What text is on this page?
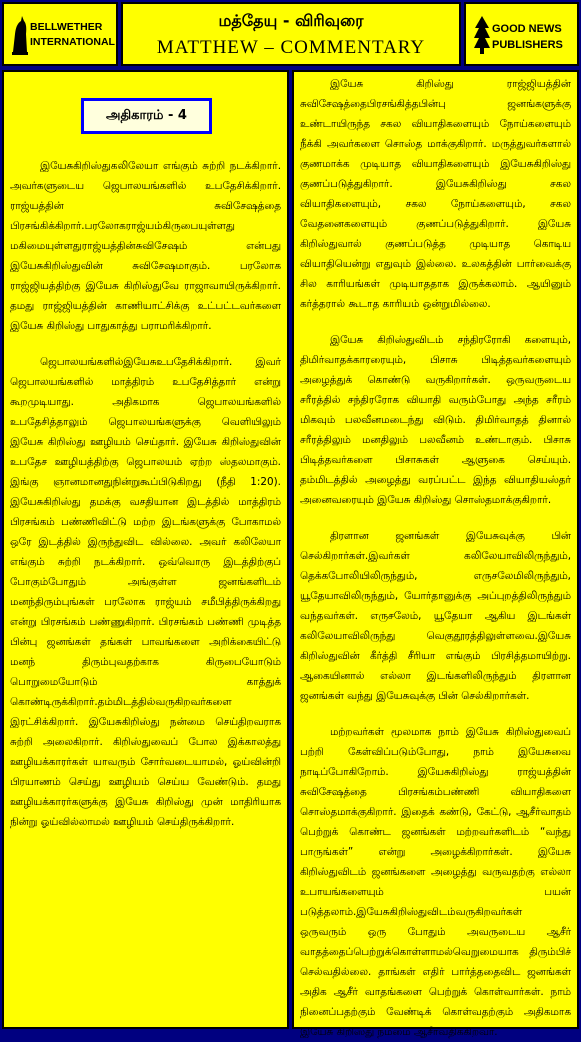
BELLWETHER
INTERNATIONAL
மத்தேயு - விரிவுரை
MATTHEW – COMMENTARY
GOOD NEWS
PUBLISHERS
அதிகாரம் - 4

இயேசுகிறிஸ்துகலிலேயா எங்கும் சுற்றி நடக்கிறார். அவர்களுடைய ஜெபாலயங்களில் உபதேசிக்கிறார். ராஜ்யத்தின் சுவிசேஷத்தை பிரசங்கிக்கிறார்.பரலோகராஜ்யம்கிருபையுள்ளது மகிமையுள்ளதுராஜ்யத்தின்சுவிசேஷம் என்பது இயேசுகிறிஸ்துவின் சுவிசேஷமாகும். பரலோக ராஜ்ஜியத்திற்கு இயேசு கிறிஸ்துவே ராஜாவாயிருக்கிறார். தமது ராஜ்ஜியத்தின் காணியாட்சிக்கு உட்பட்டவர்களை இயேசு கிறிஸ்து பாதுகாத்து பராமரிக்கிறார்.

ஜெபாலயங்களில்இயேசுஉபதேசிக்கிறார். இவர் ஜெபாலயங்களில் மாத்திரம் உபதேசித்தார் என்று கூறமுடியாது. அதிகமாக ஜெபாலயங்களில் உபதேசித்தாலும் ஜெபாலயங்களுக்கு வெளியிலும் இயேசு கிறிஸ்து ஊழியம் செய்தார். இயேசு கிறிஸ்துவின் உபதேச ஊழியத்திற்கு ஜெபாலயம் ஏற்ற ஸ்தலமாகும். இங்கு ஞானமானதுநின்றுகூப்பிடுகிறது (நீதி 1:20). இயேசுகிறிஸ்து தமக்கு வசதியான இடத்தில் மாத்திரம் பிரசங்கம் பண்ணிவிட்டு மற்ற இடங்களுக்கு போகாமல் ஒரே இடத்தில் இருந்துவிட வில்லை. அவர் கலிலேயா எங்கும் சுற்றி நடக்கிறார். ஒவ்வொரு இடத்திற்குப் போகும்போதும் அங்குள்ள ஜனங்களிடம் மனந்திரும்புங்கள் பரலோக ராஜ்யம் சமீபித்திருக்கிறது என்று பிரசங்கம் பண்ணுகிறார். பிரசங்கம் பண்ணி முடித்த பின்பு ஜனங்கள் தங்கள் பாவங்களை அறிக்கையிட்டு மனந் திரும்புவதற்காக கிருபையோடும் பொறுமையோடும் காத்துக் கொண்டிருக்கிறார்.தம்மிடத்தில்வருகிறவர்களை இரட்சிக்கிறார். இயேசுகிறிஸ்து நன்மை செய்திறவராக சுற்றி அலைகிறார். கிறிஸ்துவைப் போல இக்காலத்து ஊழியக்காரர்கள் யாவரும் சோர்வடையாமல், ஓய்வின்றி பிரயாணம் செய்து ஊழியம் செய்ய வேண்டும். தமது ஊழியக்காரர்களுக்கு இயேசு கிறிஸ்து முன் மாதிரியாக நின்று ஓய்வில்லாமல் ஊழியம் செய்திருக்கிறார்.

இயேசு கிறிஸ்து ராஜ்ஜியத்தின் சுவிசேஷத்தைபிரசங்கித்தபின்பு ஜனங்களுக்கு உண்டாயிருந்த சகல வியாதிகளையும் நோய்களையும் நீக்கி அவர்களை சொஸ்த மாக்குகிறார். மருத்துவர்களால் குணமாக்க முடியாத வியாதிகளையும் இயேசுகிறிஸ்து குணப்படுத்துகிறார். இயேசுகிறிஸ்து சகல வியாதிகளையும், சகல நோய்களையும், சகல வேதனைகளையும் குணப்படுத்துகிறார். இயேசு கிறிஸ்துவால் குணப்படுத்த முடியாத கொடிய வியாதியென்று எதுவும் இல்லை. உலகத்தின் பார்வைக்கு சில காரியங்கள் முடியாததாக இருக்கலாம். ஆயினும் கர்த்தரால் கூடாத காரியம் ஒன்றுமில்லை.

இயேசு கிறிஸ்துவிடம் சந்திரரோகி களையும், திமிர்வாதக்காரரையும், பிசாசு பிடித்தவர்களையும் அழைத்துக் கொண்டு வருகிறார்கள். ஒருவருடைய சரீரத்தில் சந்திரரோக வியாதி வரும்போது அந்த சரீரம் மிகவும் பலவீனமடைந்து விடும். திமிர்வாதத் தினால் சரீரத்திலும் மனதிலும் பலவீனம் உண்டாகும். பிசாசு பிடித்தவர்களை பிசாசுகள் ஆளுகை செய்யும். தம்மிடத்தில் அழைத்து வரப்பட்ட இந்த வியாதியஸ்தர் அனைவரையும் இயேசு கிறிஸ்து சொஸ்தமாக்குகிறார்.

திரளான ஜனங்கள் இயேசுவுக்கு பின் செல்கிறார்கள்.இவர்கள் கலிலேயாவிலிருந்தும், தெக்கபோலியிலிருந்தும், எருசலேமிலிருந்தும், யூதேயாவிலிருந்தும், யோர்தானுக்கு அப்புறத்திலிருந்தும் வந்தவர்கள். எருசலேம், யூதேயா ஆகிய இடங்கள் கலிலேயாவிலிருந்து வெகுதூரத்திலுள்ளவை.இயேசு கிறிஸ்துவின் கீர்த்தி சீரியா எங்கும் பிரசித்தமாயிற்று. ஆகையினால் எல்லா இடங்களிலிருந்தும் திரளான ஜனங்கள் வந்து இயேசுவுக்கு பின் செல்கிறார்கள்.

மற்றவர்கள் மூலமாக நாம் இயேசு கிறிஸ்துவைப் பற்றி கேள்விப்படும்போது, நாம் இயேசுவை நாடிப்போகிறோம். இயேசுகிறிஸ்து ராஜ்யத்தின் சுவிசேஷத்தை பிரசங்கம்பண்ணி வியாதிகளை சொஸ்தமாக்குகிறார். இதைக் கண்டு, கேட்டு, ஆசீர்வாதம் பெற்றுக் கொண்ட ஜனங்கள் மற்றவர்களிடம் “வந்து பாருங்கள்” என்று அழைக்கிறார்கள். இயேசு கிறிஸ்துவிடம் ஜனங்களை அழைத்து வருவதற்கு எல்லா உபாயங்களையும் பயன் படுத்தலாம்.இயேசுகிறிஸ்துவிடம்வருகிறவர்கள் ஒருவரும் ஒரு போதும் அவருடைய ஆசீர் வாதத்தைப்பெற்றுக்கொள்ளாமல்வெறுமையாக திரும்பிச் செல்வதில்லை. தாங்கள் எதிர் பார்த்ததைவிட ஜனங்கள் அதிக ஆசீர் வாதங்களை பெற்றுக் கொள்வார்கள். நாம் நினைப்பதற்கும் வேண்டிக் கொள்வதற்கும் அதிகமாக இயேசு கிறிஸ்து நம்மை ஆசீர்வதிக்கிறவர்.
